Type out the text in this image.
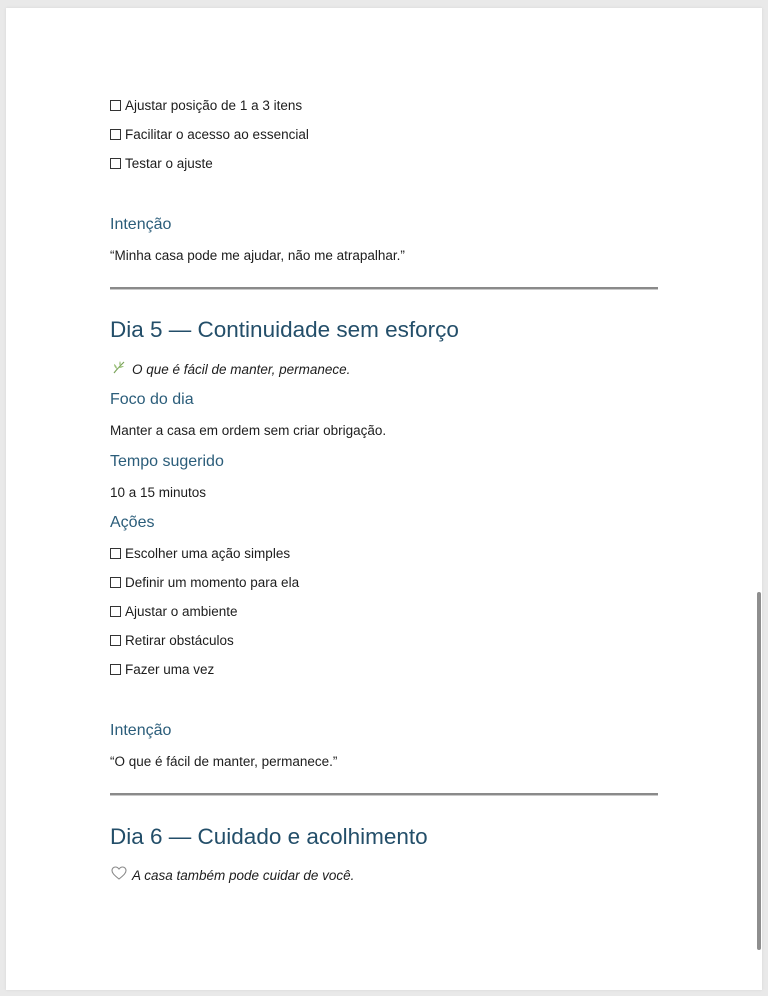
Ajustar posição de 1 a 3 itens
Facilitar o acesso ao essencial
Testar o ajuste
Intenção
“Minha casa pode me ajudar, não me atrapalhar.”
Dia 5 — Continuidade sem esforço
O que é fácil de manter, permanece.
Foco do dia
Manter a casa em ordem sem criar obrigação.
Tempo sugerido
10 a 15 minutos
Ações
Escolher uma ação simples
Definir um momento para ela
Ajustar o ambiente
Retirar obstáculos
Fazer uma vez
Intenção
“O que é fácil de manter, permanece.”
Dia 6 — Cuidado e acolhimento
A casa também pode cuidar de você.
